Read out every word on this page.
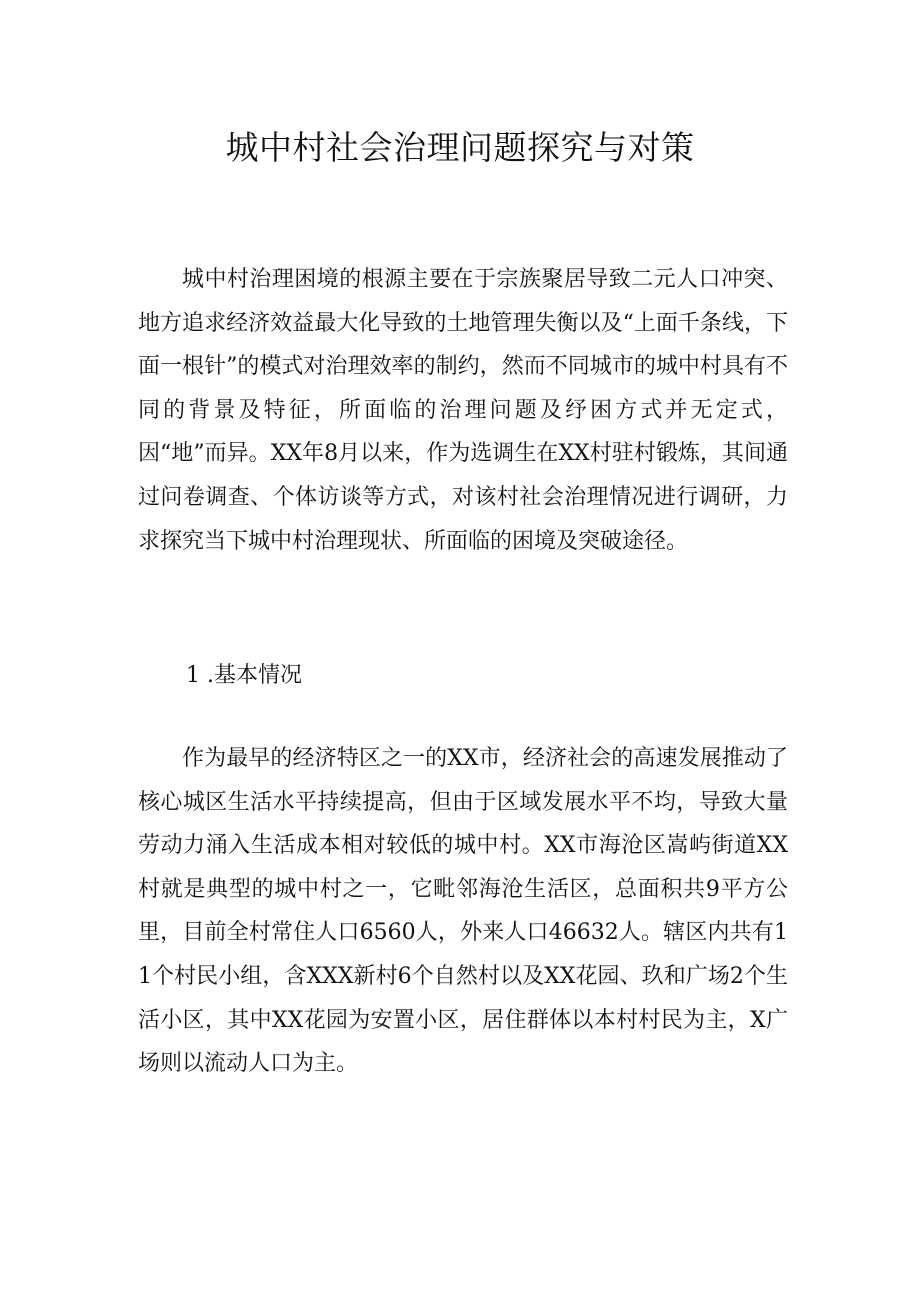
城中村社会治理问题探究与对策

城中村治理困境的根源主要在于宗族聚居导致二元人口冲突、地方追求经济效益最大化导致的土地管理失衡以及“上面千条线，下面一根针”的模式对治理效率的制约，然而不同城市的城中村具有不同的背景及特征，所面临的治理问题及纾困方式并无定式，因“地”而异。XX年8月以来，作为选调生在XX村驻村锻炼，其间通过问卷调查、个体访谈等方式，对该村社会治理情况进行调研，力求探究当下城中村治理现状、所面临的困境及突破途径。

1 .基本情况

作为最早的经济特区之一的XX市，经济社会的高速发展推动了核心城区生活水平持续提高，但由于区域发展水平不均，导致大量劳动力涌入生活成本相对较低的城中村。XX市海沧区嵩屿街道XX村就是典型的城中村之一，它毗邻海沧生活区，总面积共9平方公里，目前全村常住人口6560人，外来人口46632人。辖区内共有11个村民小组，含XXX新村6个自然村以及XX花园、玖和广场2个生活小区，其中XX花园为安置小区，居住群体以本村村民为主，X广场则以流动人口为主。
